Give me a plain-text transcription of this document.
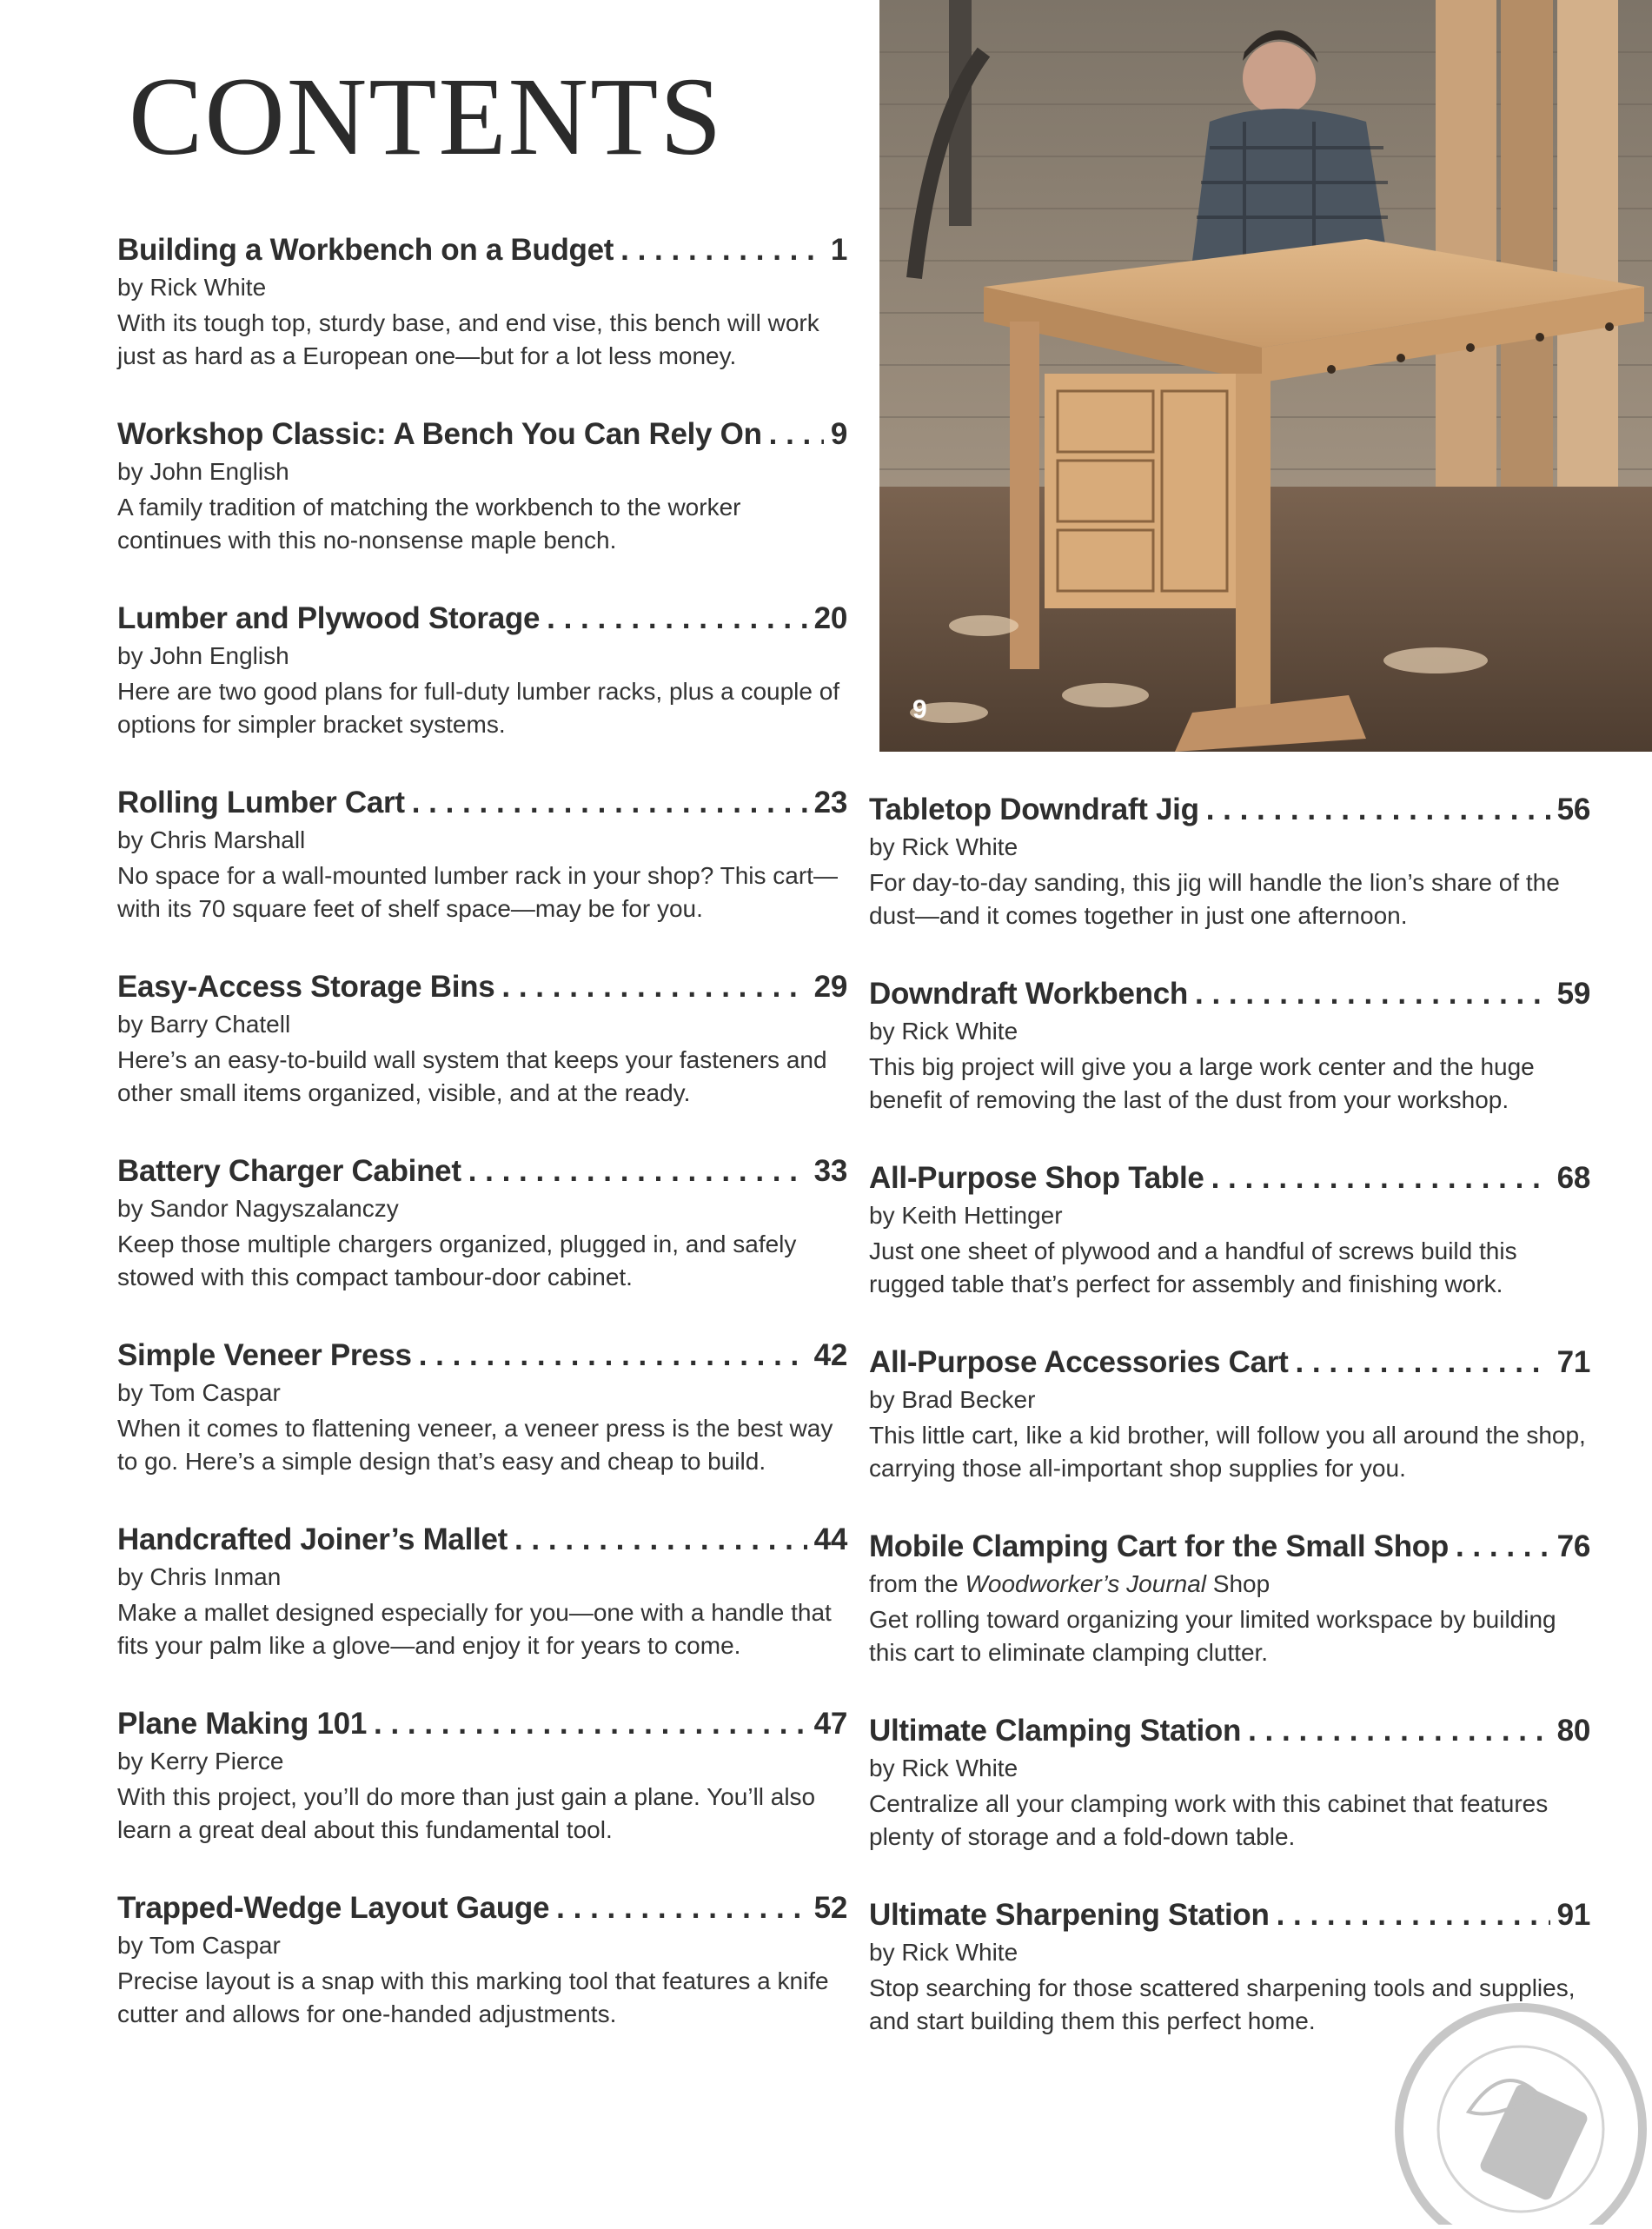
CONTENTS
9
Building a Workbench on a Budget . . .	1
by Rick White
With its tough top, sturdy base, and end vise, this bench will work just as hard as a European one—but for a lot less money.
Workshop Classic: A Bench You Can Rely On . . . 9
by John English
A family tradition of matching the workbench to the worker continues with this no-nonsense maple bench.
Lumber and Plywood Storage . . .	20
by John English
Here are two good plans for full-duty lumber racks, plus a couple of options for simpler bracket systems.
Rolling Lumber Cart . . .	23
by Chris Marshall
No space for a wall-mounted lumber rack in your shop? This cart—with its 70 square feet of shelf space—may be for you.
Easy-Access Storage Bins . . .	29
by Barry Chatell
Here’s an easy-to-build wall system that keeps your fasteners and other small items organized, visible, and at the ready.
Battery Charger Cabinet . . .	33
by Sandor Nagyszalanczy
Keep those multiple chargers organized, plugged in, and safely stowed with this compact tambour-door cabinet.
Simple Veneer Press . . .	42
by Tom Caspar
When it comes to flattening veneer, a veneer press is the best way to go. Here’s a simple design that’s easy and cheap to build.
Handcrafted Joiner’s Mallet . . .	44
by Chris Inman
Make a mallet designed especially for you—one with a handle that fits your palm like a glove—and enjoy it for years to come.
Plane Making 101 . . .	47
by Kerry Pierce
With this project, you’ll do more than just gain a plane. You’ll also learn a great deal about this fundamental tool.
Trapped-Wedge Layout Gauge . . .	52
by Tom Caspar
Precise layout is a snap with this marking tool that features a knife cutter and allows for one-handed adjustments.
Tabletop Downdraft Jig . . .	56
by Rick White
For day-to-day sanding, this jig will handle the lion’s share of the dust—and it comes together in just one afternoon.
Downdraft Workbench . . .	59
by Rick White
This big project will give you a large work center and the huge benefit of removing the last of the dust from your workshop.
All-Purpose Shop Table . . .	68
by Keith Hettinger
Just one sheet of plywood and a handful of screws build this rugged table that’s perfect for assembly and finishing work.
All-Purpose Accessories Cart . . .	71
by Brad Becker
This little cart, like a kid brother, will follow you all around the shop, carrying those all-important shop supplies for you.
Mobile Clamping Cart for the Small Shop . . .	76
from the Woodworker’s Journal Shop
Get rolling toward organizing your limited workspace by building this cart to eliminate clamping clutter.
Ultimate Clamping Station . . .	80
by Rick White
Centralize all your clamping work with this cabinet that features plenty of storage and a fold-down table.
Ultimate Sharpening Station . . .	91
by Rick White
Stop searching for those scattered sharpening tools and supplies, and start building them this perfect home.
